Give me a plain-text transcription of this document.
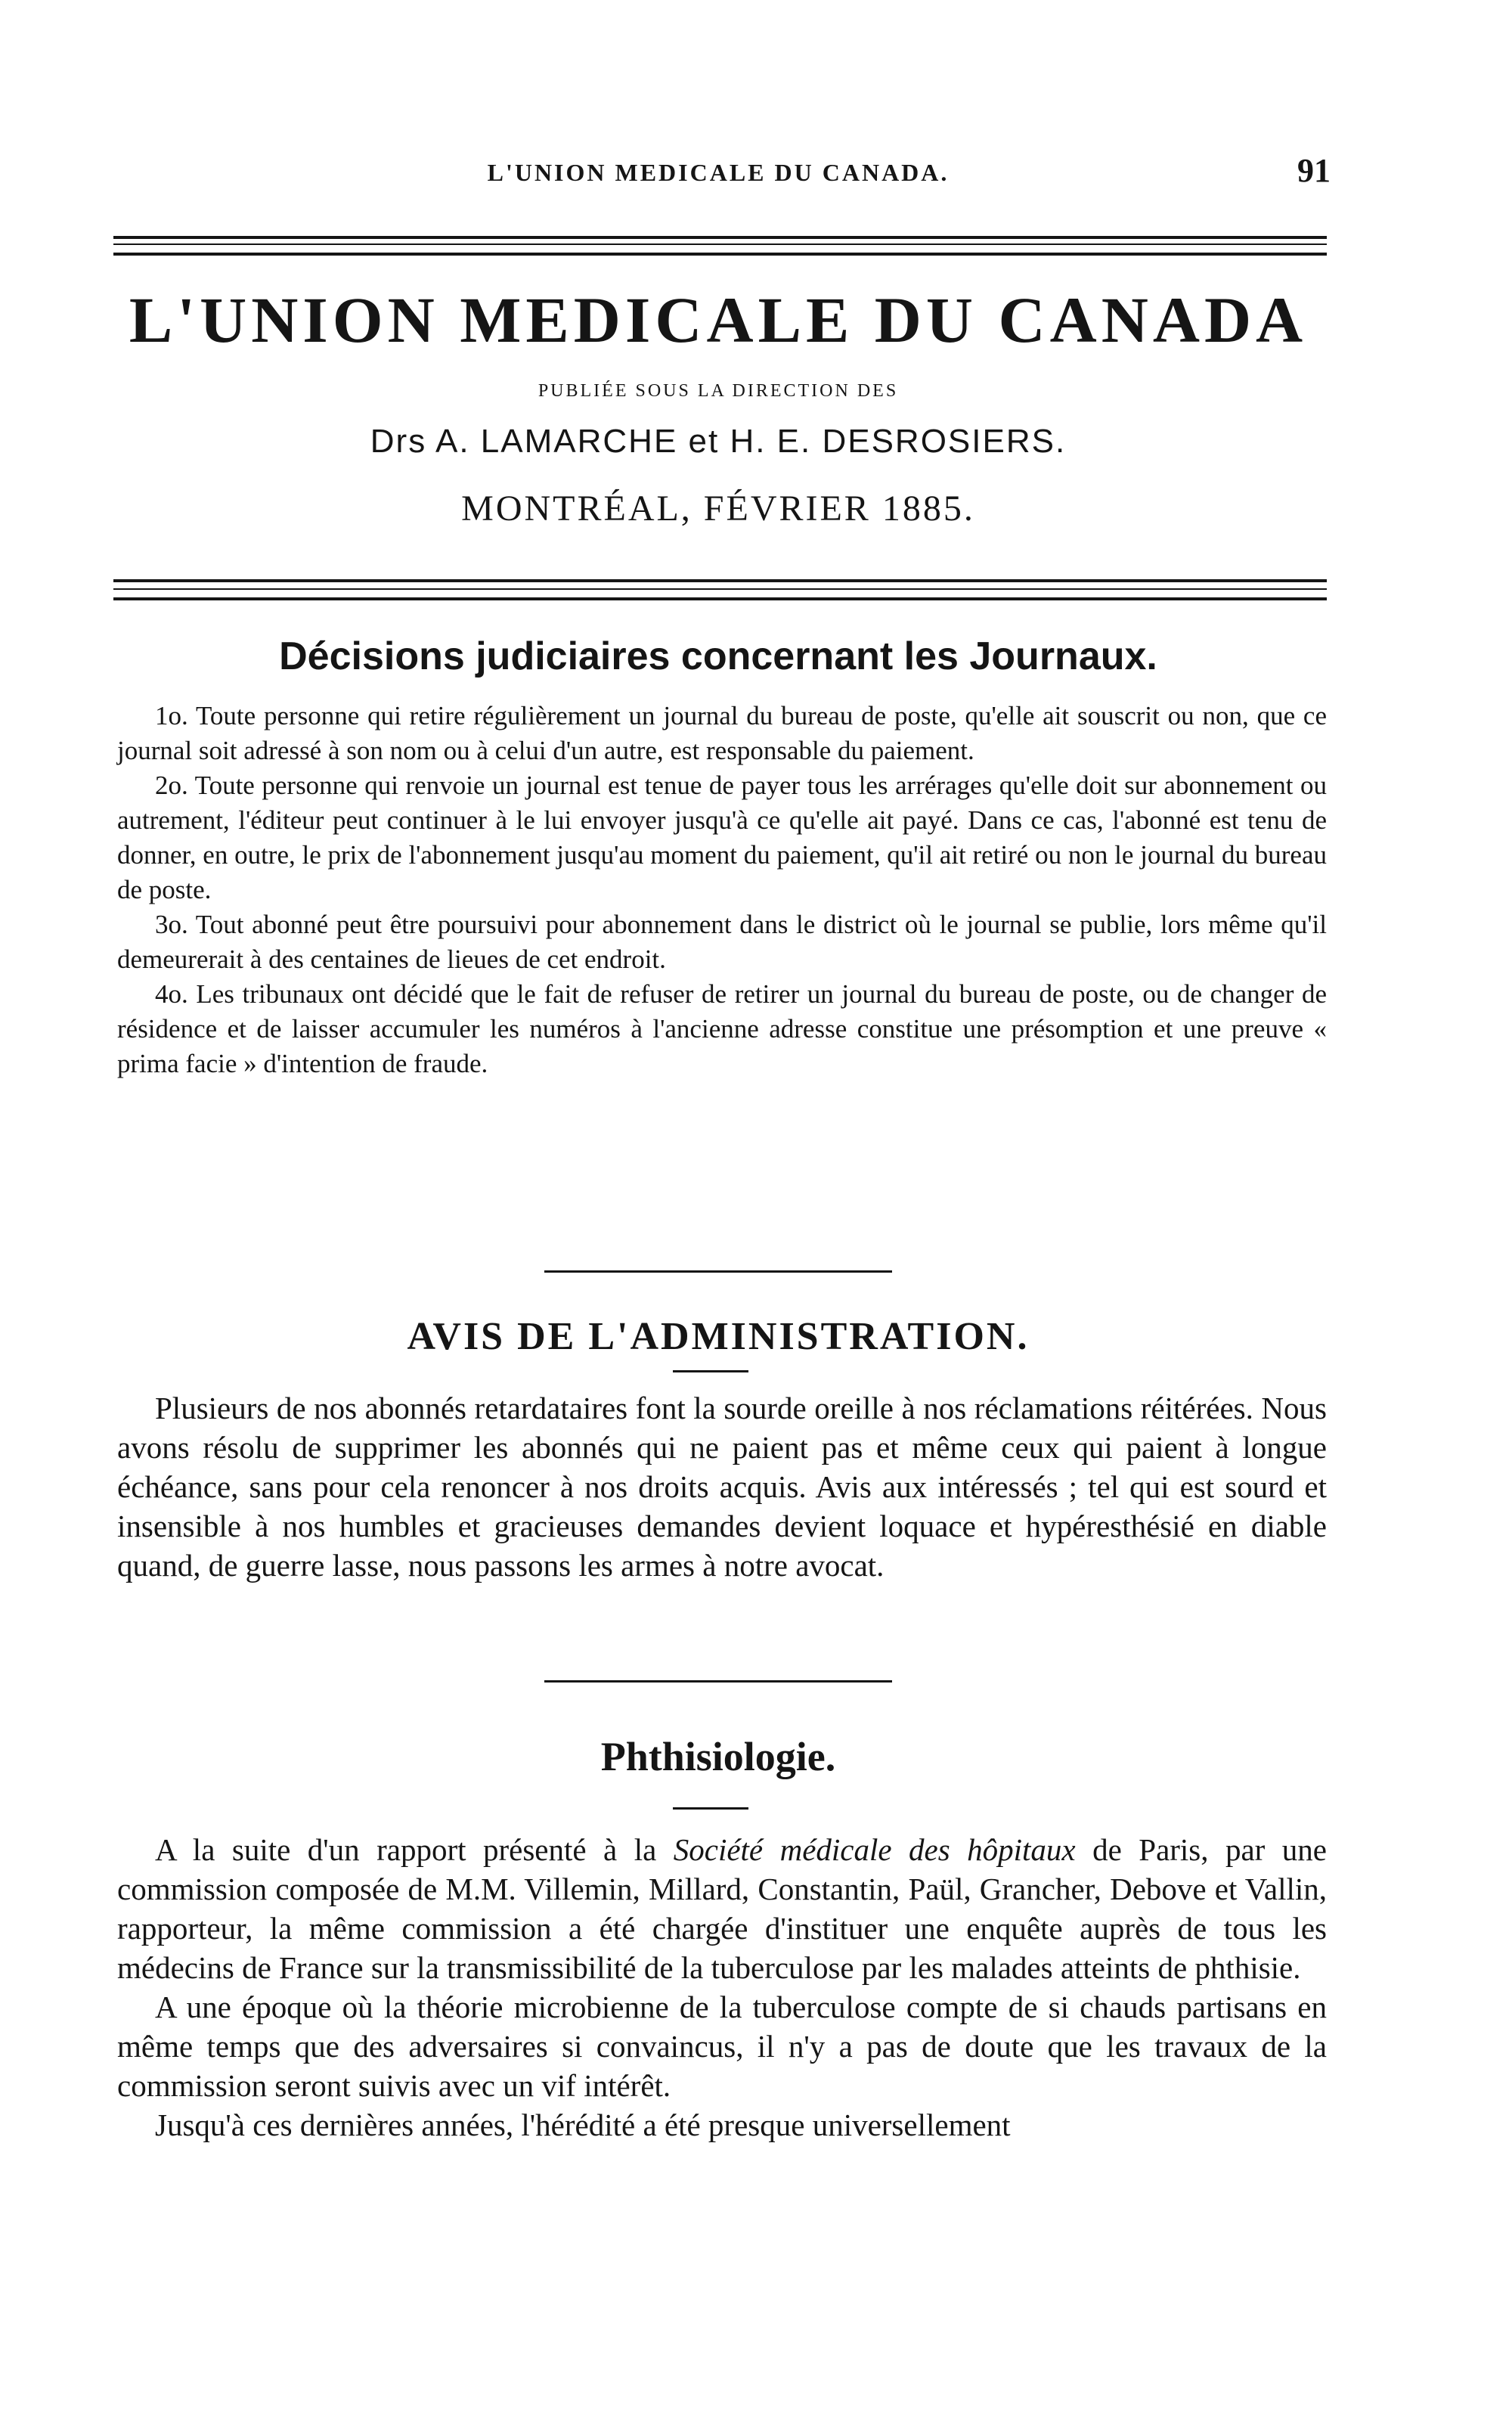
L'UNION MEDICALE DU CANADA.	91
L'UNION MEDICALE DU CANADA
PUBLIÉE SOUS LA DIRECTION DES
Drs A. LAMARCHE et H. E. DESROSIERS.
MONTRÉAL, FÉVRIER 1885.
Décisions judiciaires concernant les Journaux.

1o. Toute personne qui retire régulièrement un journal du bureau de poste, qu'elle ait souscrit ou non, que ce journal soit adressé à son nom ou à celui d'un autre, est responsable du paiement.

2o. Toute personne qui renvoie un journal est tenue de payer tous les arrérages qu'elle doit sur abonnement ou autrement, l'éditeur peut continuer à le lui envoyer jusqu'à ce qu'elle ait payé. Dans ce cas, l'abonné est tenu de donner, en outre, le prix de l'abonnement jusqu'au moment du paiement, qu'il ait retiré ou non le journal du bureau de poste.

3o. Tout abonné peut être poursuivi pour abonnement dans le district où le journal se publie, lors même qu'il demeurerait à des centaines de lieues de cet endroit.

4o. Les tribunaux ont décidé que le fait de refuser de retirer un journal du bureau de poste, ou de changer de résidence et de laisser accumuler les numéros à l'ancienne adresse constitue une présomption et une preuve « prima facie » d'intention de fraude.

AVIS DE L'ADMINISTRATION.

Plusieurs de nos abonnés retardataires font la sourde oreille à nos réclamations réitérées. Nous avons résolu de supprimer les abonnés qui ne paient pas et même ceux qui paient à longue échéance, sans pour cela renoncer à nos droits acquis. Avis aux intéressés ; tel qui est sourd et insensible à nos humbles et gracieuses demandes devient loquace et hypéresthésié en diable quand, de guerre lasse, nous passons les armes à notre avocat.

Phthisiologie.

A la suite d'un rapport présenté à la Société médicale des hôpitaux de Paris, par une commission composée de M.M. Villemin, Millard, Constantin, Paül, Grancher, Debove et Vallin, rapporteur, la même commission a été chargée d'instituer une enquête auprès de tous les médecins de France sur la transmissibilité de la tuberculose par les malades atteints de phthisie.

A une époque où la théorie microbienne de la tuberculose compte de si chauds partisans en même temps que des adversaires si convaincus, il n'y a pas de doute que les travaux de la commission seront suivis avec un vif intérêt.

Jusqu'à ces dernières années, l'hérédité a été presque universellement
